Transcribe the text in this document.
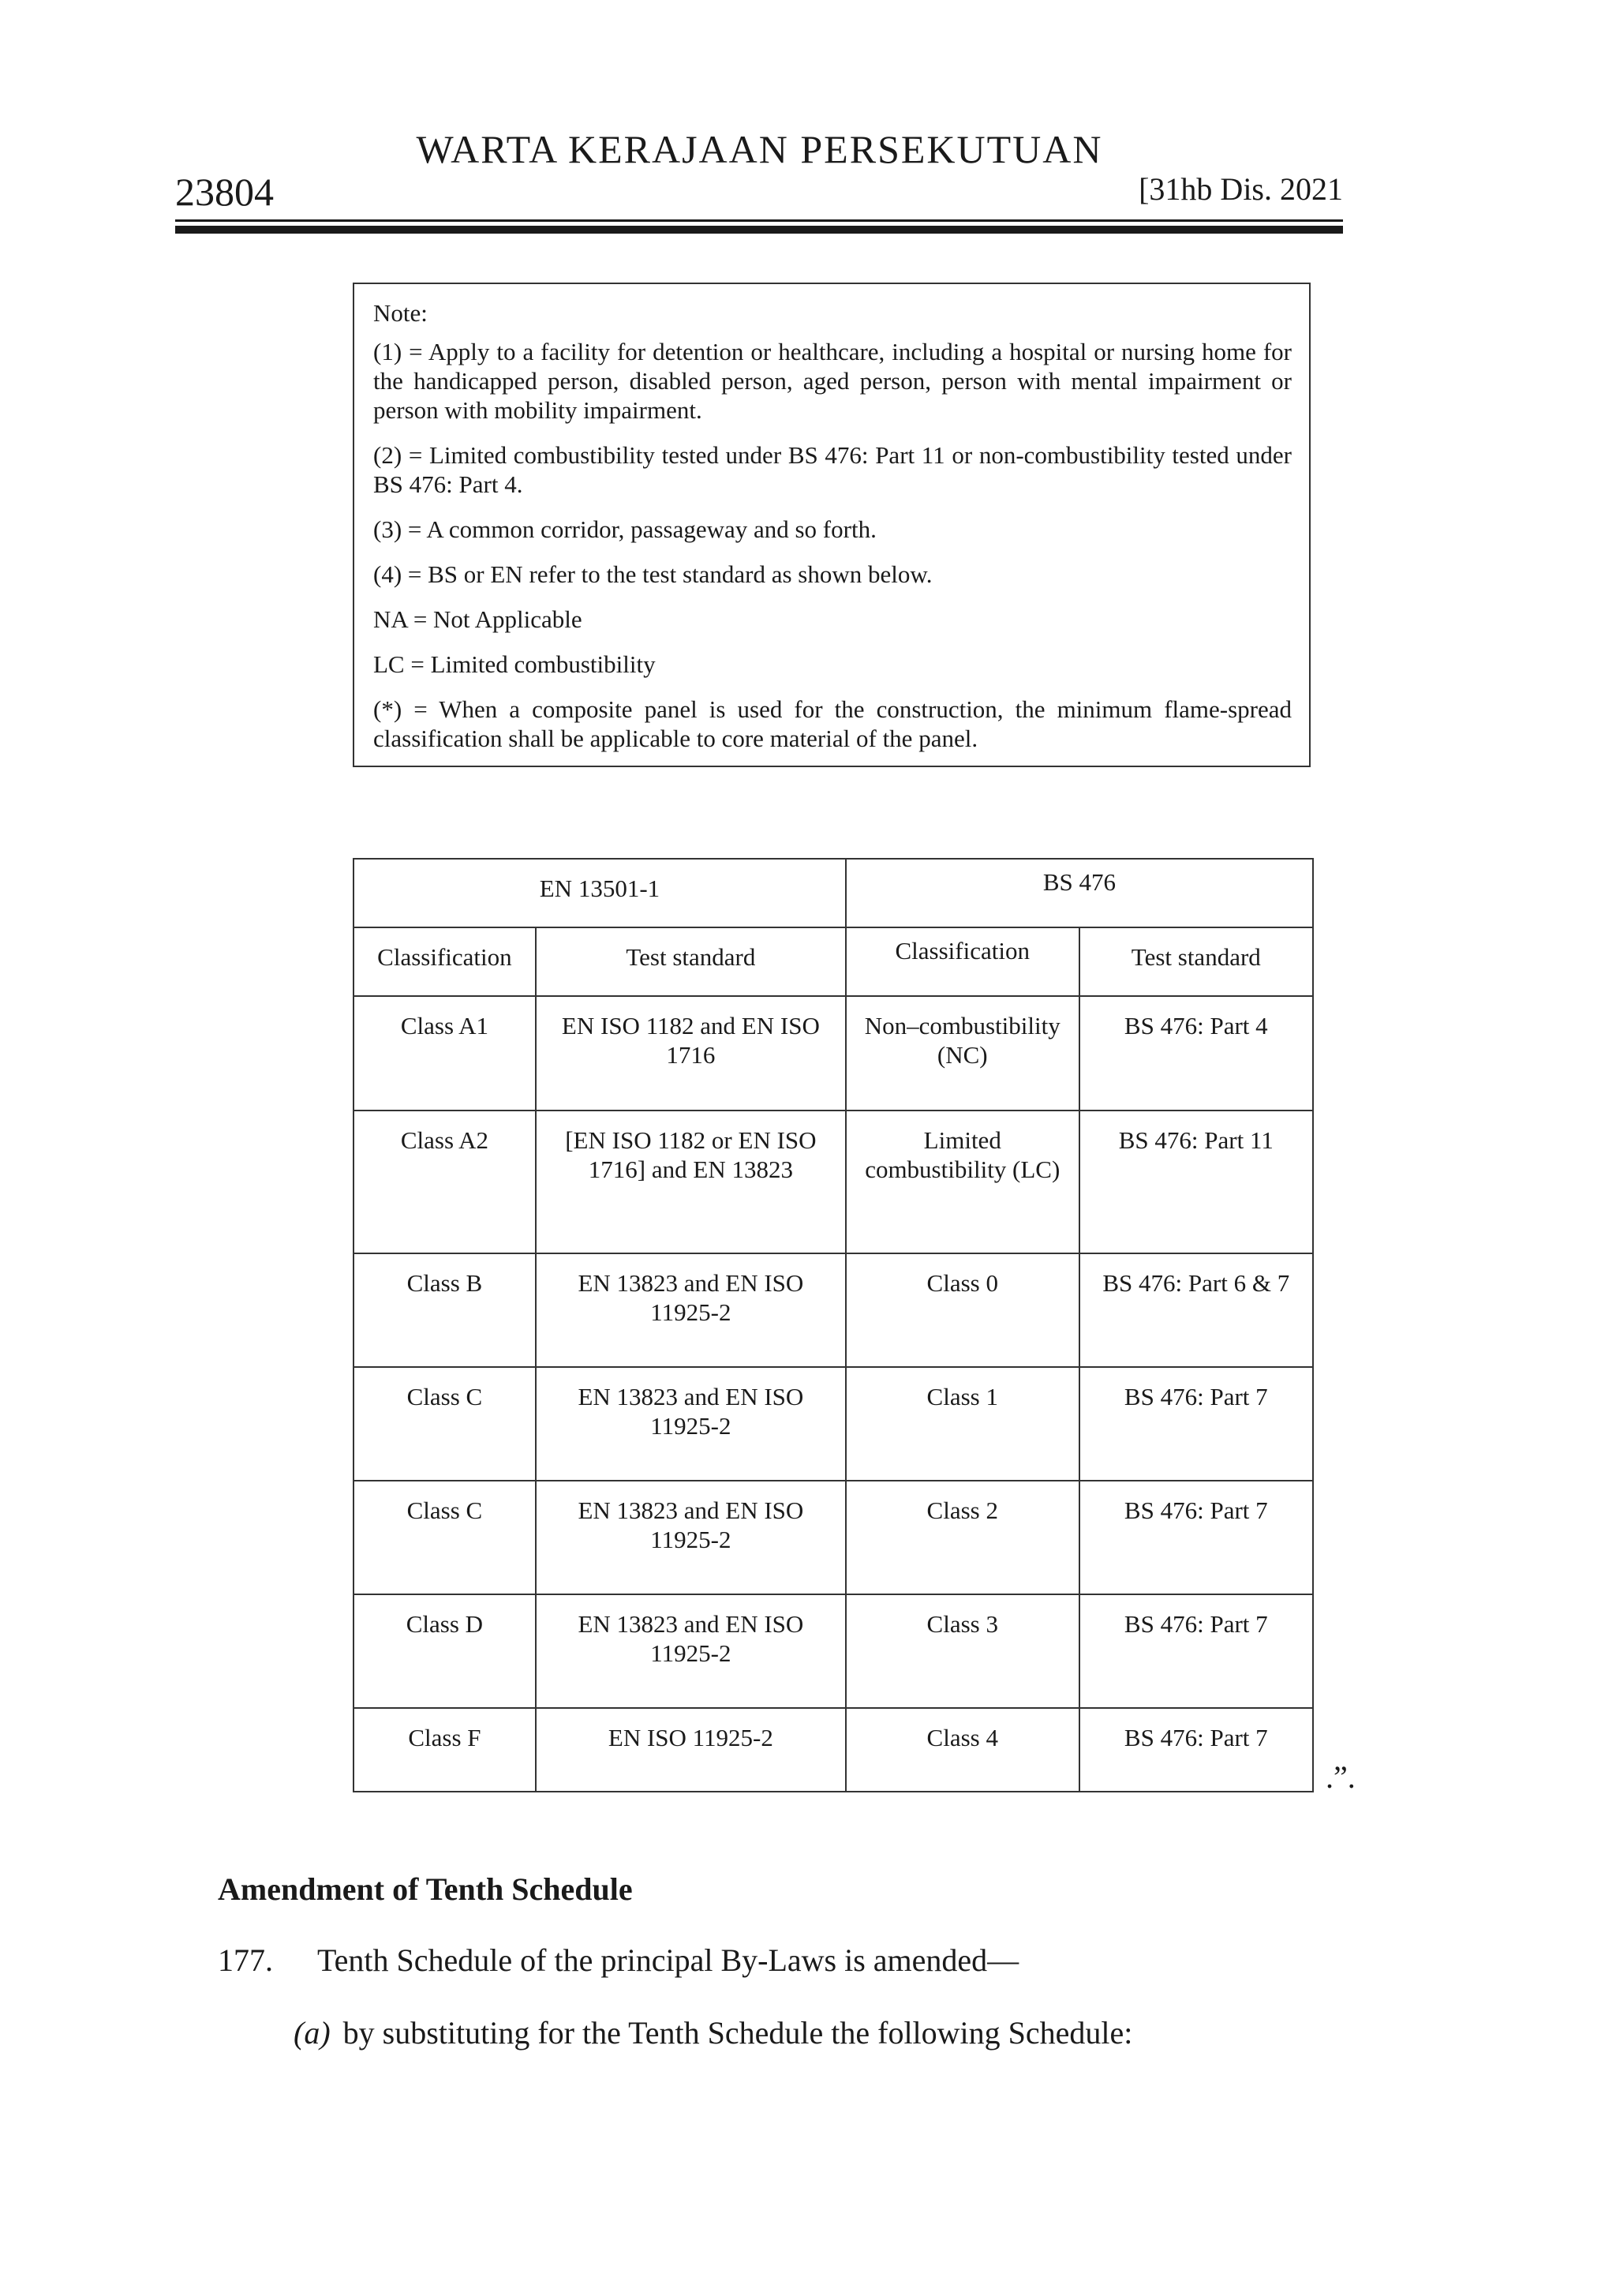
WARTA KERAJAAN PERSEKUTUAN
23804	[31hb Dis. 2021

Note:

(1) = Apply to a facility for detention or healthcare, including a hospital or nursing home for the handicapped person, disabled person, aged person, person with mental impairment or person with mobility impairment.

(2) = Limited combustibility tested under BS 476: Part 11 or non-combustibility tested under BS 476: Part 4.

(3) = A common corridor, passageway and so forth.

(4) = BS or EN refer to the test standard as shown below.

NA = Not Applicable

LC = Limited combustibility

(*) = When a composite panel is used for the construction, the minimum flame-spread classification shall be applicable to core material of the panel.

EN 13501-1		BS 476	
Classification	Test standard	Classification	Test standard
Class A1	EN ISO 1182 and EN ISO 1716	Non–combustibility (NC)	BS 476: Part 4
Class A2	[EN ISO 1182 or EN ISO 1716] and EN 13823	Limited combustibility (LC)	BS 476: Part 11
Class B	EN 13823 and EN ISO 11925-2	Class 0	BS 476: Part 6 & 7
Class C	EN 13823 and EN ISO 11925-2	Class 1	BS 476: Part 7
Class C	EN 13823 and EN ISO 11925-2	Class 2	BS 476: Part 7
Class D	EN 13823 and EN ISO 11925-2	Class 3	BS 476: Part 7
Class F	EN ISO 11925-2	Class 4	BS 476: Part 7
.”.
Amendment of Tenth Schedule
177. Tenth Schedule of the principal By-Laws is amended—
(a) by substituting for the Tenth Schedule the following Schedule:
